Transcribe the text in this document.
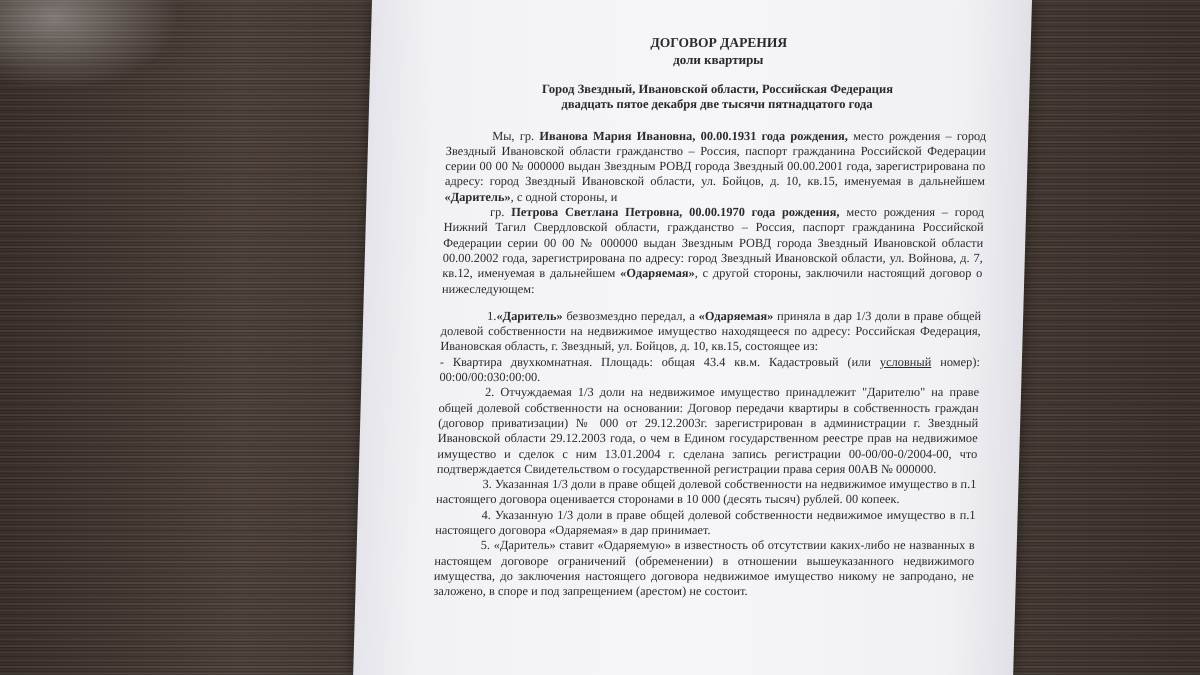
ДОГОВОР ДАРЕНИЯ
доли квартиры
Город Звездный, Ивановской области, Российская Федерация
двадцать пятое декабря две тысячи пятнадцатого года

Мы, гр. Иванова Мария Ивановна, 00.00.1931 года рождения, место рождения – город Звездный Ивановской области гражданство – Россия, паспорт гражданина Российской Федерации серии 00 00 № 000000 выдан Звездным РОВД города Звездный 00.00.2001 года, зарегистрирована по адресу: город Звездный Ивановской области, ул. Бойцов, д. 10, кв.15, именуемая в дальнейшем «Даритель», с одной стороны, и

гр. Петрова Светлана Петровна, 00.00.1970 года рождения, место рождения – город Нижний Тагил Свердловской области, гражданство – Россия, паспорт гражданина Российской Федерации серии 00 00 № 000000 выдан Звездным РОВД города Звездный Ивановской области 00.00.2002 года, зарегистрирована по адресу: город Звездный Ивановской области, ул. Войнова, д. 7, кв.12, именуемая в дальнейшем «Одаряемая», с другой стороны, заключили настоящий договор о нижеследующем:

1.«Даритель» безвозмездно передал, а «Одаряемая» приняла в дар 1/3 доли в праве общей долевой собственности на недвижимое имущество находящееся по адресу: Российская Федерация, Ивановская область, г. Звездный, ул. Бойцов, д. 10, кв.15, состоящее из:

- Квартира двухкомнатная. Площадь: общая 43.4 кв.м. Кадастровый (или условный номер): 00:00/00:030:00:00.

2. Отчуждаемая 1/3 доли на недвижимое имущество принадлежит "Дарителю" на праве общей долевой собственности на основании: Договор передачи квартиры в собственность граждан (договор приватизации) № 000 от 29.12.2003г. зарегистрирован в администрации г. Звездный Ивановской области 29.12.2003 года, о чем в Едином государственном реестре прав на недвижимое имущество и сделок с ним 13.01.2004 г. сделана запись регистрации 00-00/00-0/2004-00, что подтверждается Свидетельством о государственной регистрации права серия 00АВ № 000000.

3. Указанная 1/3 доли в праве общей долевой собственности на недвижимое имущество в п.1 настоящего договора оценивается сторонами в 10 000 (десять тысяч) рублей. 00 копеек.

4. Указанную 1/3 доли в праве общей долевой собственности недвижимое имущество в п.1 настоящего договора «Одаряемая» в дар принимает.

5. «Даритель» ставит «Одаряемую» в известность об отсутствии каких-либо не названных в настоящем договоре ограничений (обременении) в отношении вышеуказанного недвижимого имущества, до заключения настоящего договора недвижимое имущество никому не запродано, не заложено, в споре и под запрещением (арестом) не состоит.
